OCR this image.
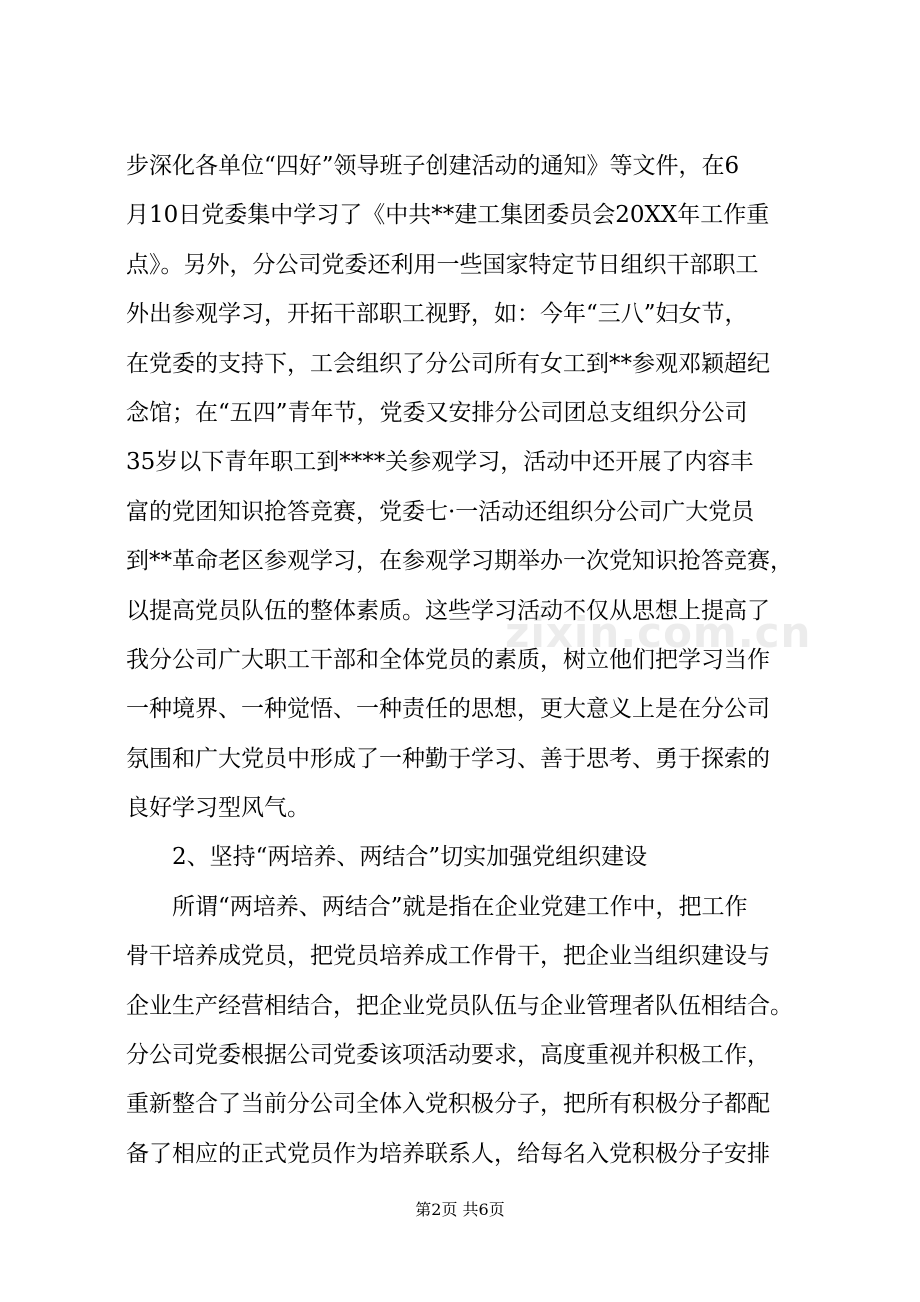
步深化各单位“四好”领导班子创建活动的通知》等文件，在6
月10日党委集中学习了《中共**建工集团委员会20XX年工作重
点》。另外，分公司党委还利用一些国家特定节日组织干部职工
外出参观学习，开拓干部职工视野，如：今年“三八”妇女节，
在党委的支持下，工会组织了分公司所有女工到**参观邓颖超纪
念馆；在“五四”青年节，党委又安排分公司团总支组织分公司
35岁以下青年职工到****关参观学习，活动中还开展了内容丰
富的党团知识抢答竞赛，党委七·一活动还组织分公司广大党员
到**革命老区参观学习，在参观学习期举办一次党知识抢答竞赛，
以提高党员队伍的整体素质。这些学习活动不仅从思想上提高了
我分公司广大职工干部和全体党员的素质，树立他们把学习当作
一种境界、一种觉悟、一种责任的思想，更大意义上是在分公司
氛围和广大党员中形成了一种勤于学习、善于思考、勇于探索的
良好学习型风气。
2、坚持“两培养、两结合”切实加强党组织建设
所谓“两培养、两结合”就是指在企业党建工作中，把工作
骨干培养成党员，把党员培养成工作骨干，把企业当组织建设与
企业生产经营相结合，把企业党员队伍与企业管理者队伍相结合。
分公司党委根据公司党委该项活动要求，高度重视并积极工作，
重新整合了当前分公司全体入党积极分子，把所有积极分子都配
备了相应的正式党员作为培养联系人，给每名入党积极分子安排
zixin.com.cn
第2页 共6页
